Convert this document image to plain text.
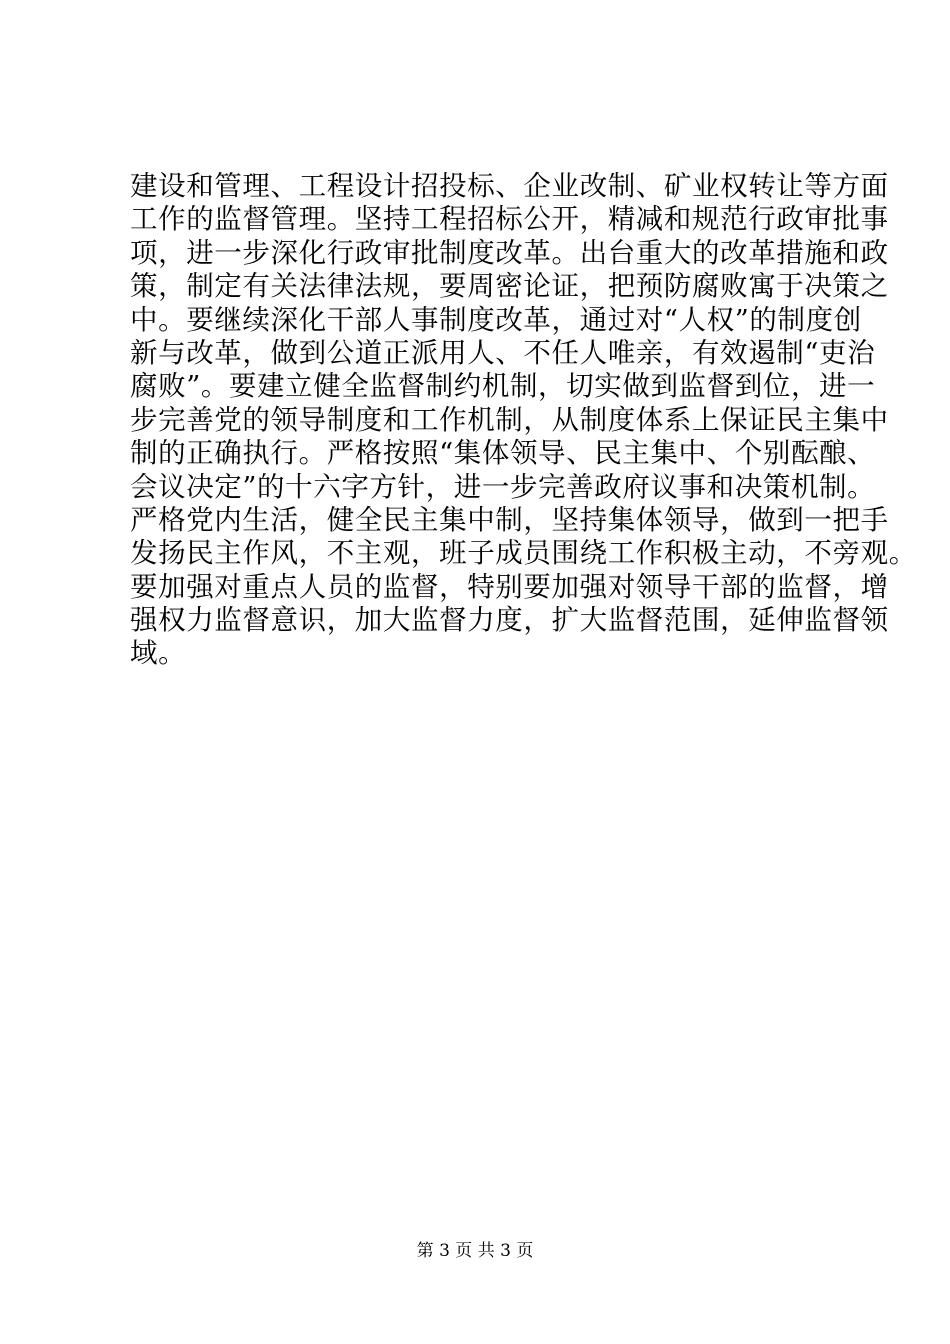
建设和管理、工程设计招投标、企业改制、矿业权转让等方面
工作的监督管理。坚持工程招标公开，精减和规范行政审批事
项，进一步深化行政审批制度改革。出台重大的改革措施和政
策，制定有关法律法规，要周密论证，把预防腐败寓于决策之
中。要继续深化干部人事制度改革，通过对“人权”的制度创
新与改革，做到公道正派用人、不任人唯亲，有效遏制“吏治
腐败”。要建立健全监督制约机制，切实做到监督到位，进一
步完善党的领导制度和工作机制，从制度体系上保证民主集中
制的正确执行。严格按照“集体领导、民主集中、个别酝酿、
会议决定”的十六字方针，进一步完善政府议事和决策机制。
严格党内生活，健全民主集中制，坚持集体领导，做到一把手
发扬民主作风，不主观，班子成员围绕工作积极主动，不旁观。
要加强对重点人员的监督，特别要加强对领导干部的监督，增
强权力监督意识，加大监督力度，扩大监督范围，延伸监督领
域。
第 3 页 共 3 页
